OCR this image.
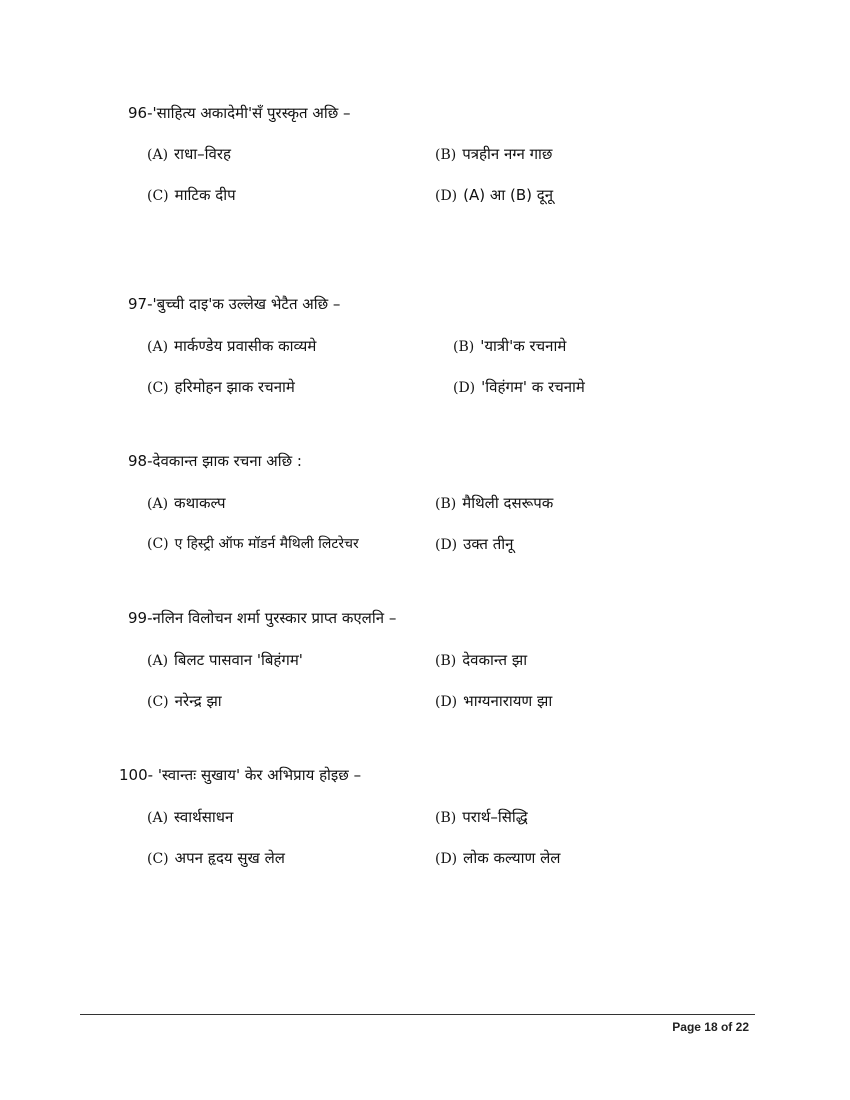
96-'साहित्य अकादेमी'सँ पुरस्कृत अछि –
(A) राधा–विरह	(B) पत्रहीन नग्न गाछ
(C) माटिक दीप	(D) (A) आ (B) दूनू
97-'बुच्ची दाइ'क उल्लेख भेटैत अछि –
(A) मार्कण्डेय प्रवासीक काव्यमे	(B) 'यात्री'क रचनामे
(C) हरिमोहन झाक रचनामे	(D) 'विहंगम' क रचनामे
98-देवकान्त झाक रचना अछि :
(A) कथाकल्प	(B) मैथिली दसरूपक
(C) ए हिस्ट्री ऑफ मॉडर्न मैथिली लिटरेचर	(D) उक्त तीनू
99-नलिन विलोचन शर्मा पुरस्कार प्राप्त कएलनि –
(A) बिलट पासवान 'बिहंगम'	(B) देवकान्त झा
(C) नरेन्द्र झा	(D) भाग्यनारायण झा
100- 'स्वान्तः सुखाय' केर अभिप्राय होइछ –
(A) स्वार्थसाधन	(B) परार्थ–सिद्धि
(C) अपन हृदय सुख लेल	(D) लोक कल्याण लेल
Page 18 of 22
